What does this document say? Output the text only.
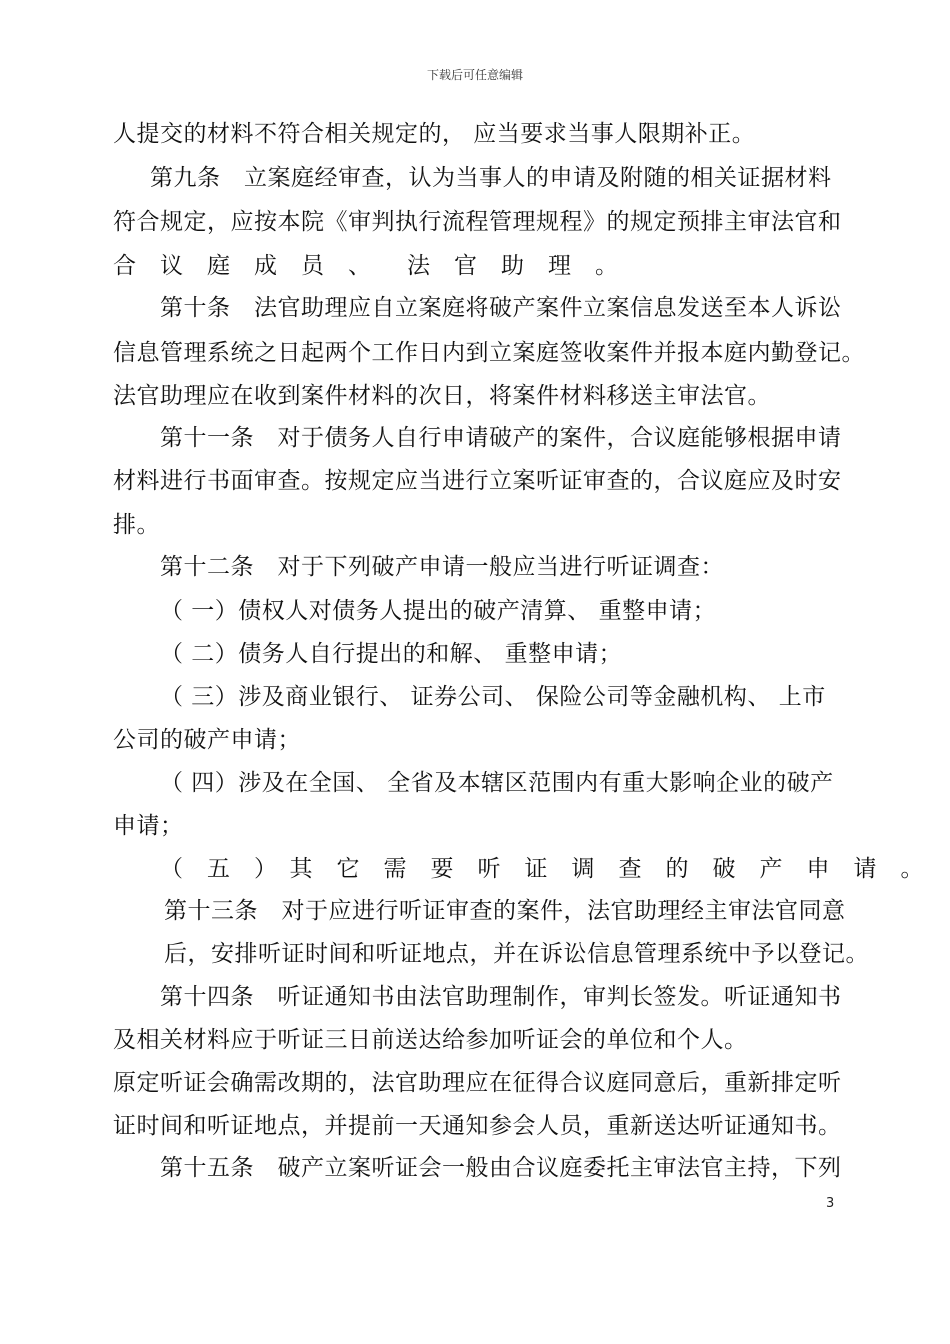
下载后可任意编辑
人提交的材料不符合相关规定的， 应当要求当事人限期补正。
第九条　立案庭经审查，认为当事人的申请及附随的相关证据材料
符合规定，应按本院《审判执行流程管理规程》的规定预排主审法官和
合　议　庭　成　员　、　　法　官　助　理　。
第十条　法官助理应自立案庭将破产案件立案信息发送至本人诉讼
信息管理系统之日起两个工作日内到立案庭签收案件并报本庭内勤登记。
法官助理应在收到案件材料的次日，将案件材料移送主审法官。
第十一条　对于债务人自行申请破产的案件，合议庭能够根据申请
材料进行书面审查。按规定应当进行立案听证审查的，合议庭应及时安
排。
第十二条　对于下列破产申请一般应当进行听证调查：
（ 一）债权人对债务人提出的破产清算、 重整申请；
（ 二）债务人自行提出的和解、 重整申请；
（ 三）涉及商业银行、 证券公司、 保险公司等金融机构、 上市
公司的破产申请；
（ 四）涉及在全国、 全省及本辖区范围内有重大影响企业的破产
申请；
（　五　）　其　它　需　要　听　证　调　查　的　破　产　申　请　。
第十三条　对于应进行听证审查的案件，法官助理经主审法官同意
后，安排听证时间和听证地点，并在诉讼信息管理系统中予以登记。
第十四条　听证通知书由法官助理制作，审判长签发。听证通知书
及相关材料应于听证三日前送达给参加听证会的单位和个人。
原定听证会确需改期的，法官助理应在征得合议庭同意后，重新排定听
证时间和听证地点，并提前一天通知参会人员，重新送达听证通知书。
第十五条　破产立案听证会一般由合议庭委托主审法官主持，下列
3
